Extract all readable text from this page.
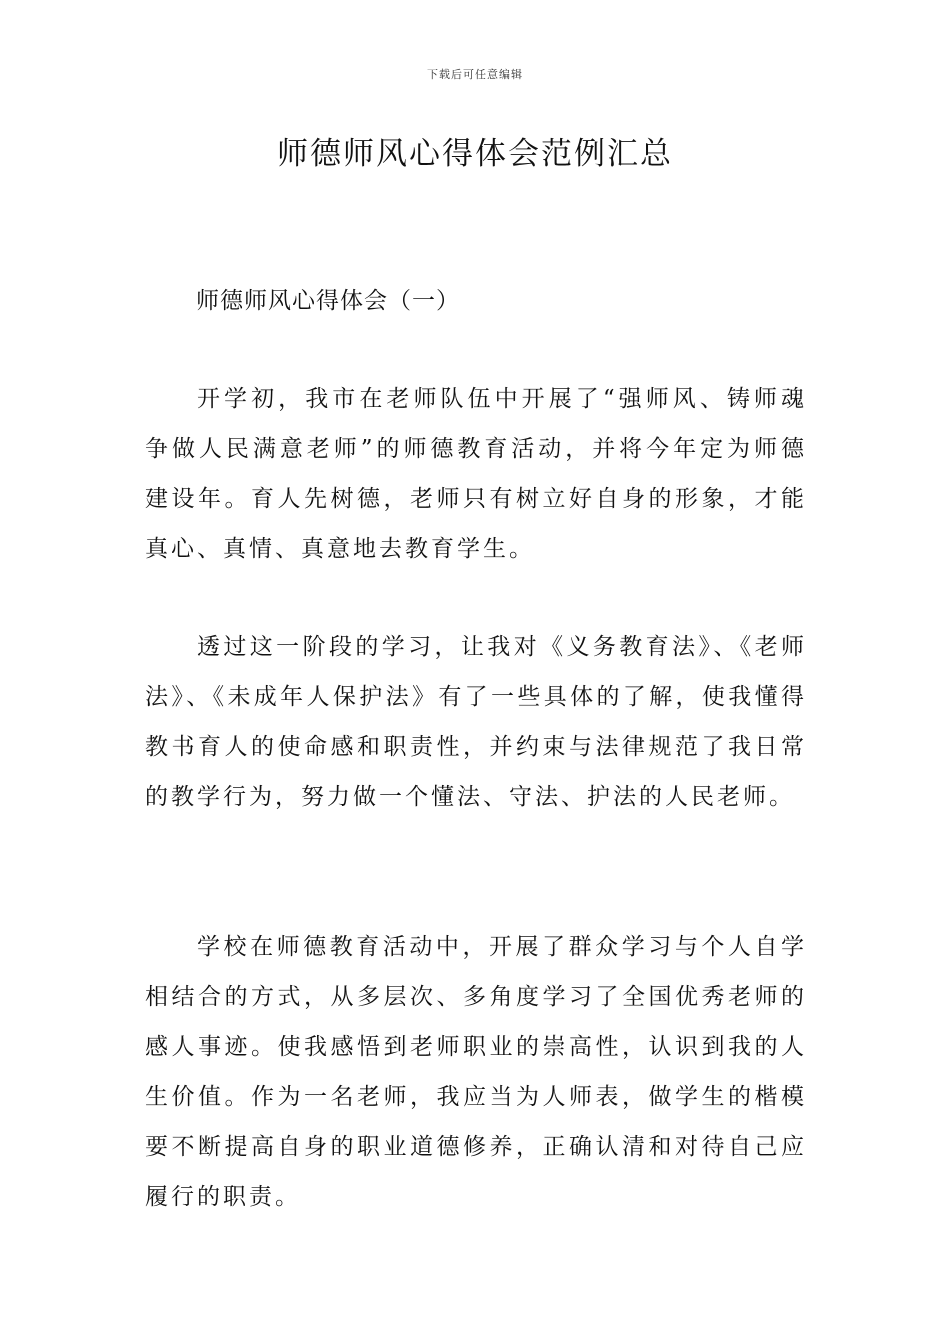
下载后可任意编辑
师德师风心得体会范例汇总
师德师风心得体会（一）

开学初，我市在老师队伍中开展了“强师风、铸师魂争做人民满意老师”的师德教育活动，并将今年定为师德建设年。育人先树德，老师只有树立好自身的形象，才能真心、真情、真意地去教育学生。

透过这一阶段的学习，让我对《义务教育法》、《老师法》、《未成年人保护法》有了一些具体的了解，使我懂得教书育人的使命感和职责性，并约束与法律规范了我日常的教学行为，努力做一个懂法、守法、护法的人民老师。

学校在师德教育活动中，开展了群众学习与个人自学相结合的方式，从多层次、多角度学习了全国优秀老师的感人事迹。使我感悟到老师职业的崇高性，认识到我的人生价值。作为一名老师，我应当为人师表，做学生的楷模要不断提高自身的职业道德修养，正确认清和对待自己应履行的职责。
